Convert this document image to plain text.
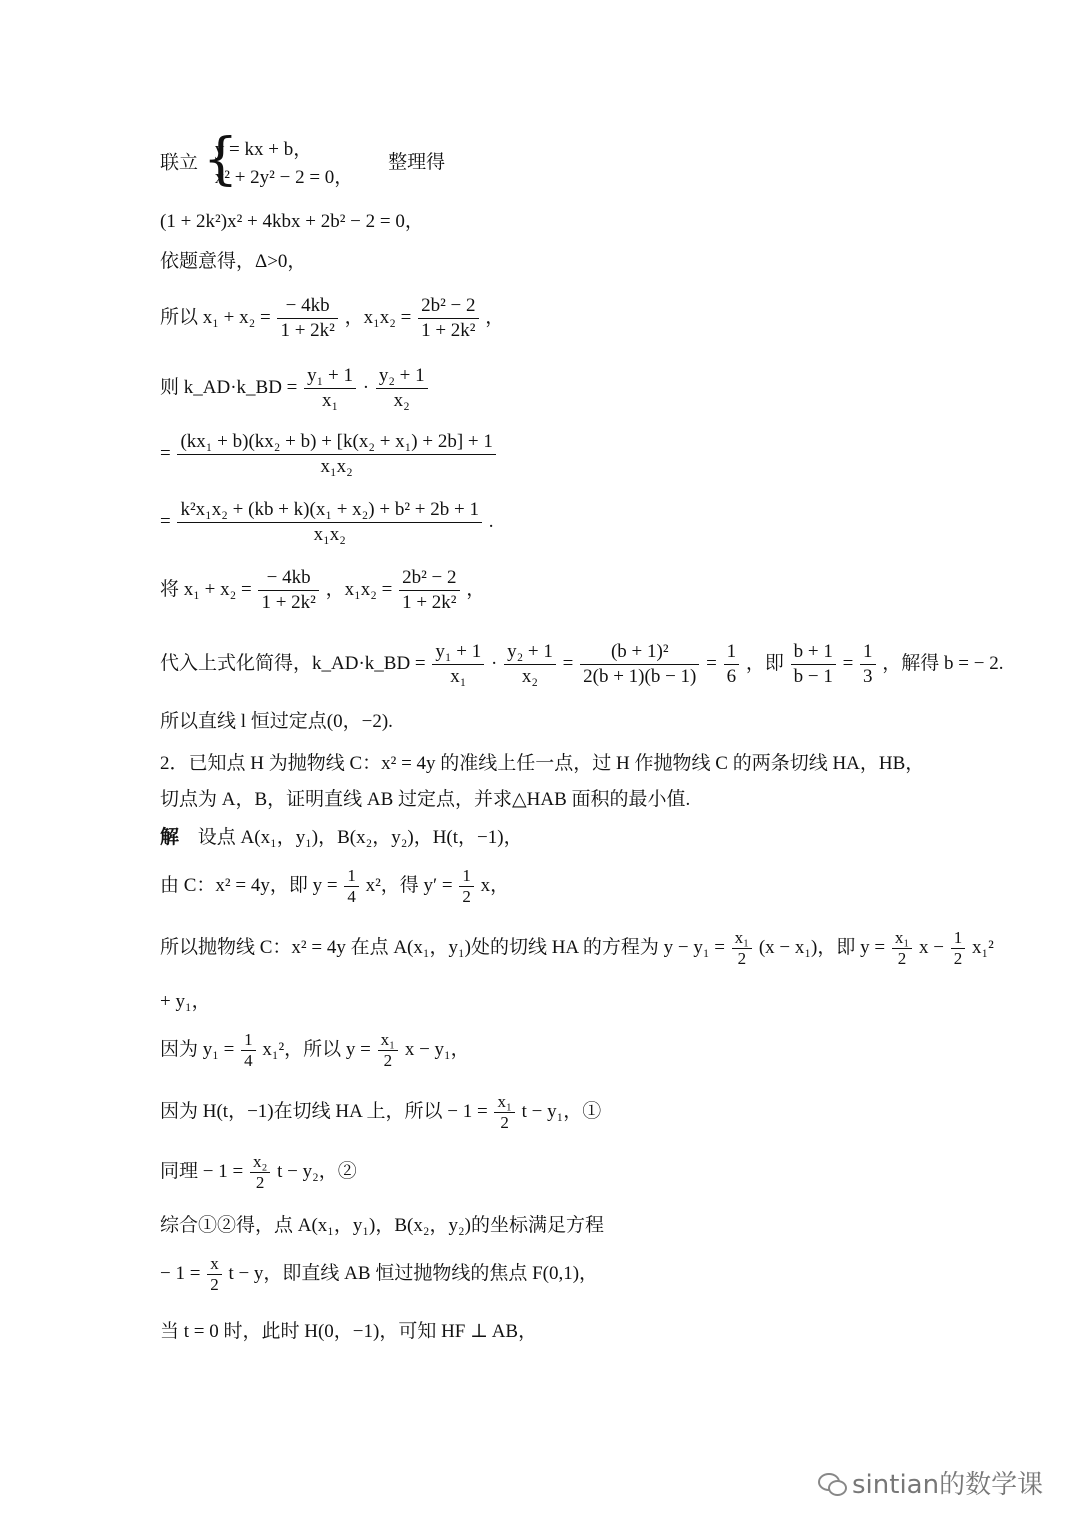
联立 {
y = kx + b，
x² + 2y² − 2 = 0，
整理得
(1 + 2k²)x² + 4kbx + 2b² − 2 = 0，
依题意得，Δ>0，
所以 $x_1 + x_2 = \frac{- 4kb}{\text{1 + 2k²}}$ ，$x_1x_2 = \frac{\text{2b² − 2}}{\text{1 + 2k²}}$ ，
则 k_AD·k_BD = $\frac{\text{y₁ + 1}}{\text{x₁}} \cdot \frac{\text{y₂ + 1}}{\text{x₂}}$
= $\frac{\text{(kx₁ + b)(kx₂ + b) + [k(x₂ + x₁) + 2b] + 1}}{\text{x₁x₂}}$
= $\frac{\text{k²x₁x₂ + (kb + k)(x₁ + x₂) + b² + 2b + 1}}{\text{x₁x₂}}$ .
将 $x_1 + x_2 = \frac{- 4kb}{\text{1 + 2k²}}$ ，$x_1x_2 = \frac{\text{2b² − 2}}{\text{1 + 2k²}}$ ，
代入上式化简得，k_AD·k_BD = $\frac{\text{y₁ + 1}}{\text{x₁}} \cdot \frac{\text{y₂ + 1}}{\text{x₂}} = \frac{\text{(b + 1)²}}{2(b + 1)(b - 1)} = \frac{1}{6}$ ，即 $\frac{b + 1}{b - 1} = \frac{1}{3}$ ，解得 b = − 2.
所以直线 l 恒过定点(0，−2).
2．已知点 H 为抛物线 C：x² = 4y 的准线上任一点，过 H 作抛物线 C 的两条切线 HA，HB，
切点为 A，B，证明直线 AB 过定点，并求△HAB 面积的最小值.
解 设点 A(x₁，y₁)，B(x₂，y₂)，H(t，−1)，
由 C：x² = 4y，即 $y = \frac{1}{4} x^2$，得 $y' = \frac{1}{2}$ x，
所以抛物线 C：x² = 4y 在点 A(x₁，y₁)处的切线 HA 的方程为 $y - y_1 = \frac{\text{x₁}}{2} (x - x_1)$，即 $y = \frac{\text{x₁}}{2}$ $x - \frac{1}{2} x_1^2$
+ y₁，
因为 $y_1 = \frac{1}{4} x_1^2$，所以 $y = \frac{\text{x₁}}{2}$ x − y₁，
因为 H(t，−1)在切线 HA 上，所以 − $1 = \frac{\text{x₁}}{2}$ t − y₁，①
同理 − $1 = \frac{\text{x₂}}{2}$ t − y₂，②
综合①②得，点 A(x₁，y₁)，B(x₂，y₂)的坐标满足方程
− $1 = \frac{x}{2}$ t − y，即直线 AB 恒过抛物线的焦点 F(0,1)，
当 t = 0 时，此时 H(0，−1)，可知 HF ⊥ AB，
sintian的数学课
